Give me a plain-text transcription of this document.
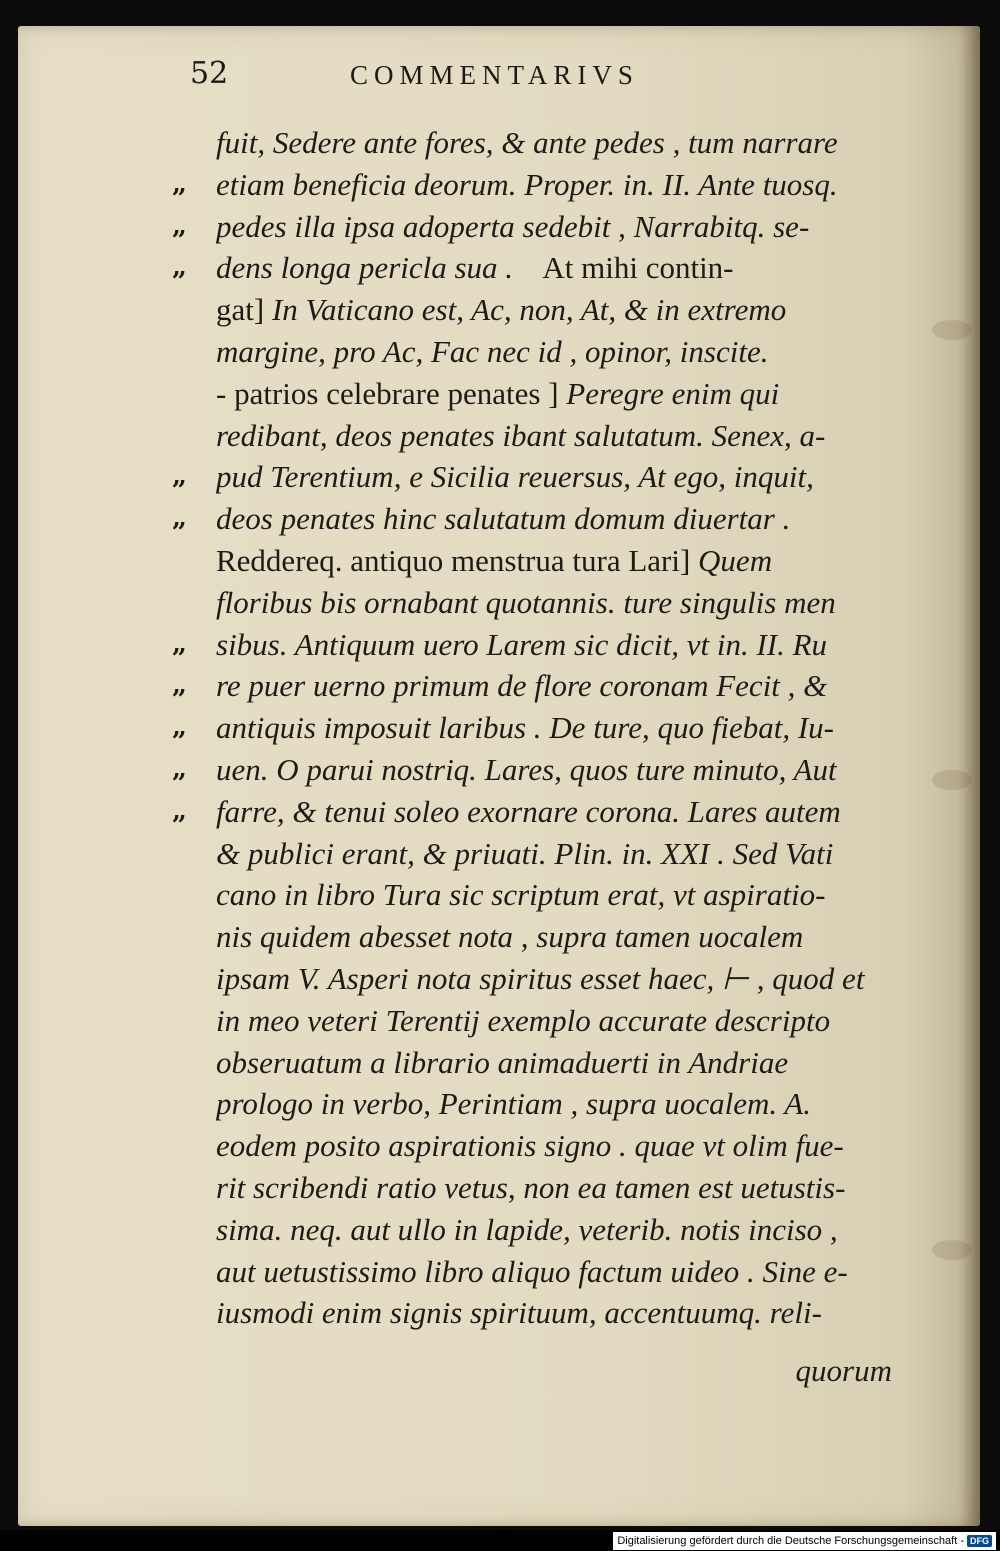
52	COMMENTARIVS
fuit, Sedere ante fores, & ante pedes , tum narrare
„ etiam beneficia deorum. Proper. in. II. Ante tuosq.
„ pedes illa ipsa adoperta sedebit , Narrabitq. se-
„ dens longa pericla sua .    At mihi contin-
gat] In Vaticano est, Ac, non, At, & in extremo
margine, pro Ac, Fac nec id , opinor, inscite.
- patrios celebrare penates ] Peregre enim qui
redibant, deos penates ibant salutatum. Senex, a-
„ pud Terentium, e Sicilia reuersus, At ego, inquit,
„ deos penates hinc salutatum domum diuertar .
Reddereq. antiquo menstrua tura Lari] Quem
floribus bis ornabant quotannis. ture singulis men
„ sibus. Antiquum uero Larem sic dicit, vt in. II. Ru
„ re puer uerno primum de flore coronam Fecit , &
„ antiquis imposuit laribus . De ture, quo fiebat, Iu-
„ uen. O parui nostriq. Lares, quos ture minuto, Aut
„ farre, & tenui soleo exornare corona. Lares autem
& publici erant, & priuati. Plin. in. XXI . Sed Vati
cano in libro Tura sic scriptum erat, vt aspiratio-
nis quidem abesset nota , supra tamen uocalem
ipsam V. Asperi nota spiritus esset haec, ⊢ , quod et
in meo veteri Terentij exemplo accurate descripto
obseruatum a librario animaduerti in Andriae
prologo in verbo, Perintiam , supra uocalem. A.
eodem posito aspirationis signo . quae vt olim fue-
rit scribendi ratio vetus, non ea tamen est uetustis-
sima. neq. aut ullo in lapide, veterib. notis inciso ,
aut uetustissimo libro aliquo factum uideo . Sine e-
iusmodi enim signis spirituum, accentuumq. reli-
quorum
Digitalisierung gefördert durch die Deutsche Forschungsgemeinschaft - DFG
